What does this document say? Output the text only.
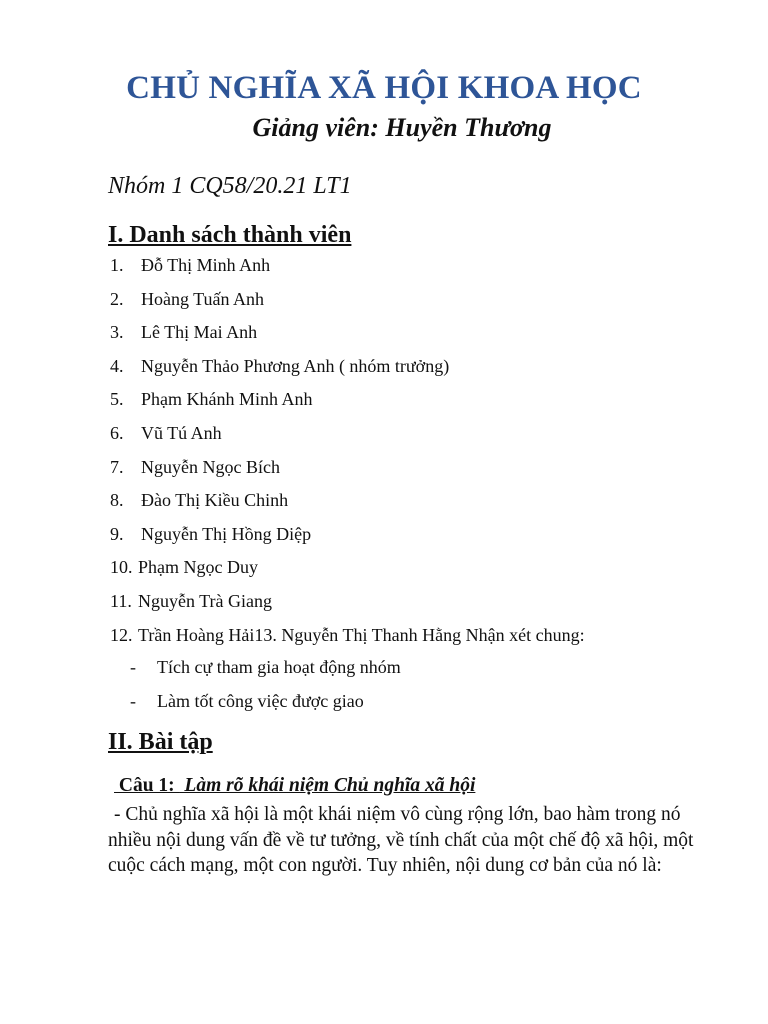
CHỦ NGHĨA XÃ HỘI KHOA HỌC
Giảng viên: Huyền Thương

Nhóm 1 CQ58/20.21 LT1

I. Danh sách thành viên
1. Đỗ Thị Minh Anh
2. Hoàng Tuấn Anh
3. Lê Thị Mai Anh
4. Nguyễn Thảo Phương Anh ( nhóm trưởng)
5. Phạm Khánh Minh Anh
6. Vũ Tú Anh
7. Nguyễn Ngọc Bích
8. Đào Thị Kiều Chinh
9. Nguyễn Thị Hồng Diệp
10. Phạm Ngọc Duy
11. Nguyễn Trà Giang
12. Trần Hoàng Hải13. Nguyễn Thị Thanh Hằng Nhận xét chung:
- Tích cự tham gia hoạt động nhóm
- Làm tốt công việc được giao
II. Bài tập

Câu 1:  Làm rõ khái niệm Chủ nghĩa xã hội

- Chủ nghĩa xã hội là một khái niệm vô cùng rộng lớn, bao hàm trong nó nhiều nội dung vấn đề về tư tưởng, về tính chất của một chế độ xã hội, một cuộc cách mạng, một con người. Tuy nhiên, nội dung cơ bản của nó là:
